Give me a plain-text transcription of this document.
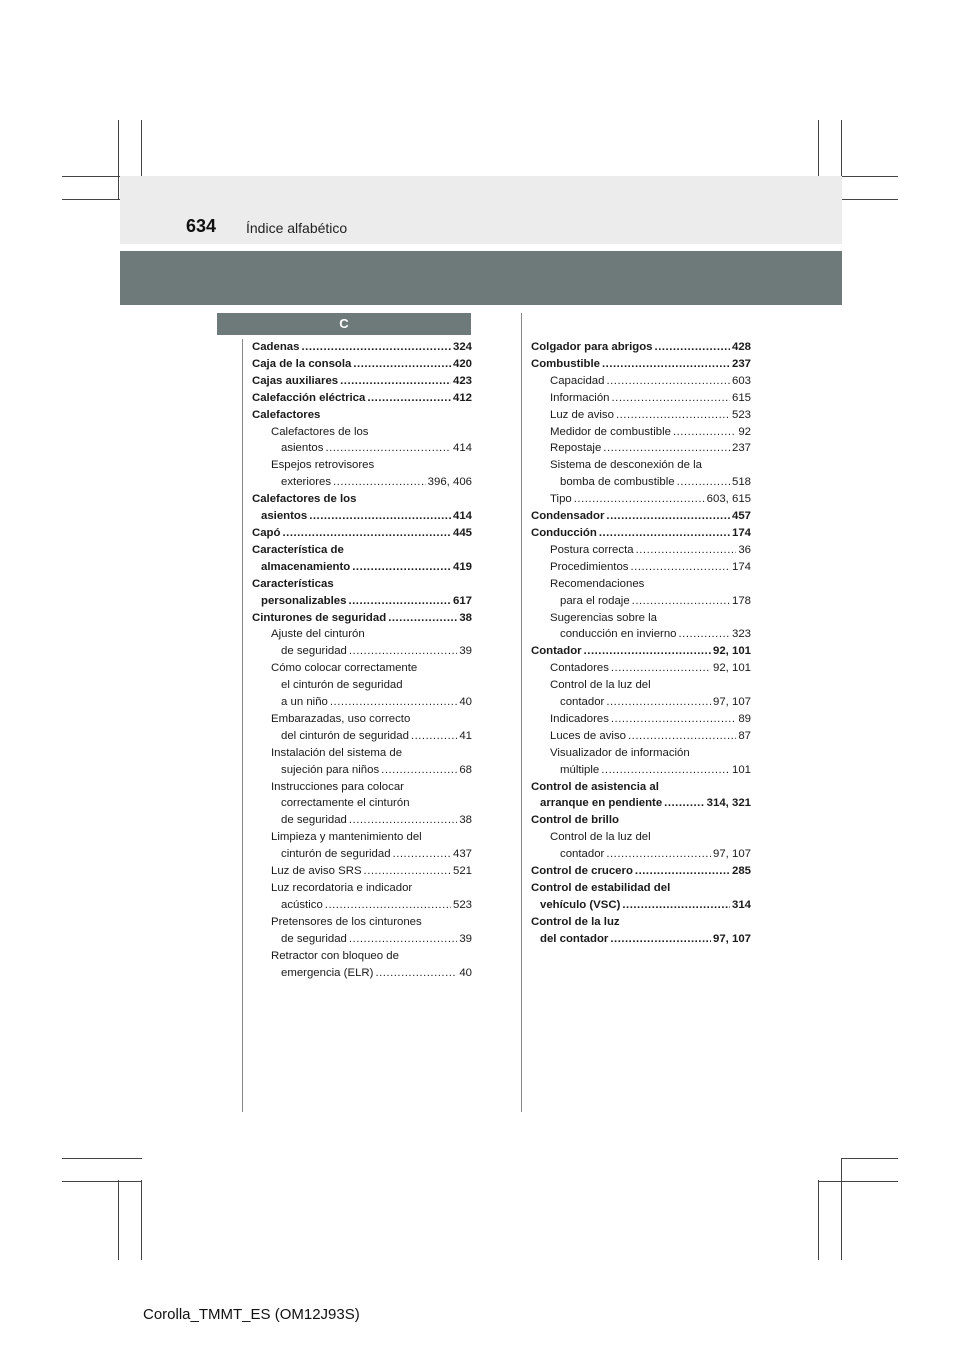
634 Índice alfabético
C
Cadenas .....	324
Caja de la consola .....	420
Cajas auxiliares .....	423
Calefacción eléctrica .....	412
Calefactores
Calefactores de los
asientos .....	414
Espejos retrovisores
exteriores .....	396, 406
Calefactores de los
asientos .....	414
Capó .....	445
Característica de
almacenamiento .....	419
Características
personalizables .....	617
Cinturones de seguridad .....	38
Ajuste del cinturón
de seguridad .....	39
Cómo colocar correctamente
el cinturón de seguridad
a un niño .....	40
Embarazadas, uso correcto
del cinturón de seguridad .....	41
Instalación del sistema de
sujeción para niños .....	68
Instrucciones para colocar
correctamente el cinturón
de seguridad .....	38
Limpieza y mantenimiento del
cinturón de seguridad .....	437
Luz de aviso SRS .....	521
Luz recordatoria e indicador
acústico .....	523
Pretensores de los cinturones
de seguridad .....	39
Retractor con bloqueo de
emergencia (ELR) .....	40
Colgador para abrigos .....	428
Combustible .....	237
Capacidad .....	603
Información .....	615
Luz de aviso .....	523
Medidor de combustible .....	92
Repostaje .....	237
Sistema de desconexión de la
bomba de combustible .....	518
Tipo .....	603, 615
Condensador .....	457
Conducción .....	174
Postura correcta .....	36
Procedimientos .....	174
Recomendaciones
para el rodaje .....	178
Sugerencias sobre la
conducción en invierno .....	323
Contador .....	92, 101
Contadores .....	92, 101
Control de la luz del
contador .....	97, 107
Indicadores .....	89
Luces de aviso .....	87
Visualizador de información
múltiple .....	101
Control de asistencia al
arranque en pendiente .....	314, 321
Control de brillo
Control de la luz del
contador .....	97, 107
Control de crucero .....	285
Control de estabilidad del
vehículo (VSC) .....	314
Control de la luz
del contador .....	97, 107
Corolla_TMMT_ES (OM12J93S)
